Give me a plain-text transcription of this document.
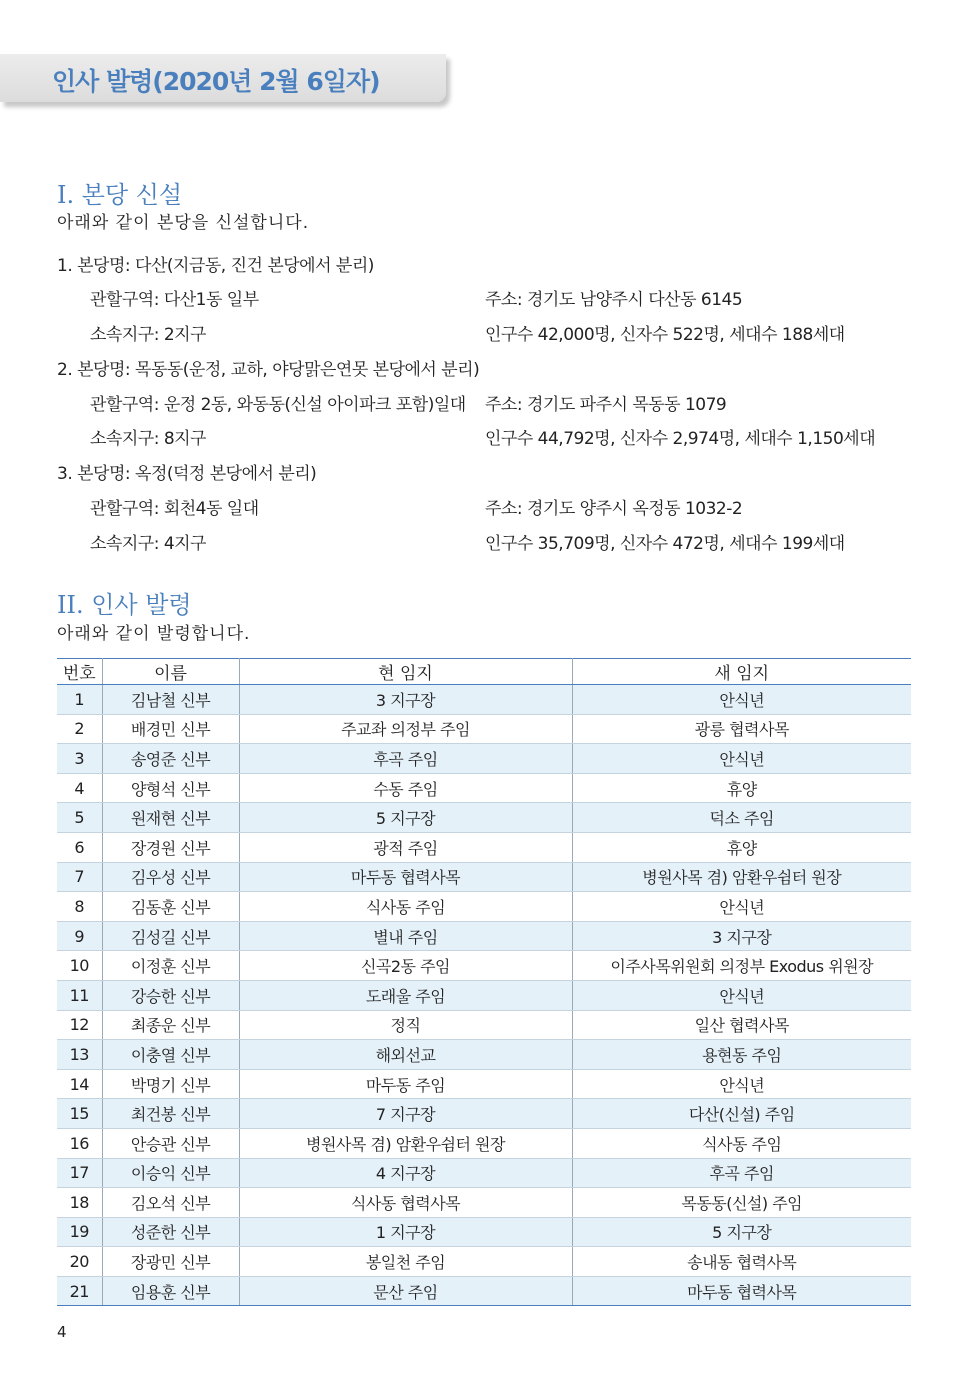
인사 발령(2020년 2월 6일자)
Ⅰ. 본당 신설
아래와 같이 본당을 신설합니다.
1. 본당명: 다산(지금동, 진건 본당에서 분리)
관할구역: 다산1동 일부	주소: 경기도 남양주시 다산동 6145
소속지구: 2지구	인구수 42,000명, 신자수 522명, 세대수 188세대
2. 본당명: 목동동(운정, 교하, 야당맑은연못 본당에서 분리)
관할구역: 운정 2동, 와동동(신설 아이파크 포함)일대 주소: 경기도 파주시 목동동 1079
소속지구: 8지구	인구수 44,792명, 신자수 2,974명, 세대수 1,150세대
3. 본당명: 옥정(덕정 본당에서 분리)
관할구역: 회천4동 일대	주소: 경기도 양주시 옥정동 1032-2
소속지구: 4지구	인구수 35,709명, 신자수 472명, 세대수 199세대
II. 인사 발령
아래와 같이 발령합니다.
번호	이름	현 임지	새 임지
1	김남철 신부	3 지구장	안식년
2	배경민 신부	주교좌 의정부 주임	광릉 협력사목
3	송영준 신부	후곡 주임	안식년
4	양형석 신부	수동 주임	휴양
5	원재현 신부	5 지구장	덕소 주임
6	장경원 신부	광적 주임	휴양
7	김우성 신부	마두동 협력사목	병원사목 겸) 암환우쉼터 원장
8	김동훈 신부	식사동 주임	안식년
9	김성길 신부	별내 주임	3 지구장
10	이정훈 신부	신곡2동 주임	이주사목위원회 의정부 Exodus 위원장
11	강승한 신부	도래울 주임	안식년
12	최종운 신부	정직	일산 협력사목
13	이충열 신부	해외선교	용현동 주임
14	박명기 신부	마두동 주임	안식년
15	최건봉 신부	7 지구장	다산(신설) 주임
16	안승관 신부	병원사목 겸) 암환우쉼터 원장	식사동 주임
17	이승익 신부	4 지구장	후곡 주임
18	김오석 신부	식사동 협력사목	목동동(신설) 주임
19	성준한 신부	1 지구장	5 지구장
20	장광민 신부	봉일천 주임	송내동 협력사목
21	임용훈 신부	문산 주임	마두동 협력사목
4
